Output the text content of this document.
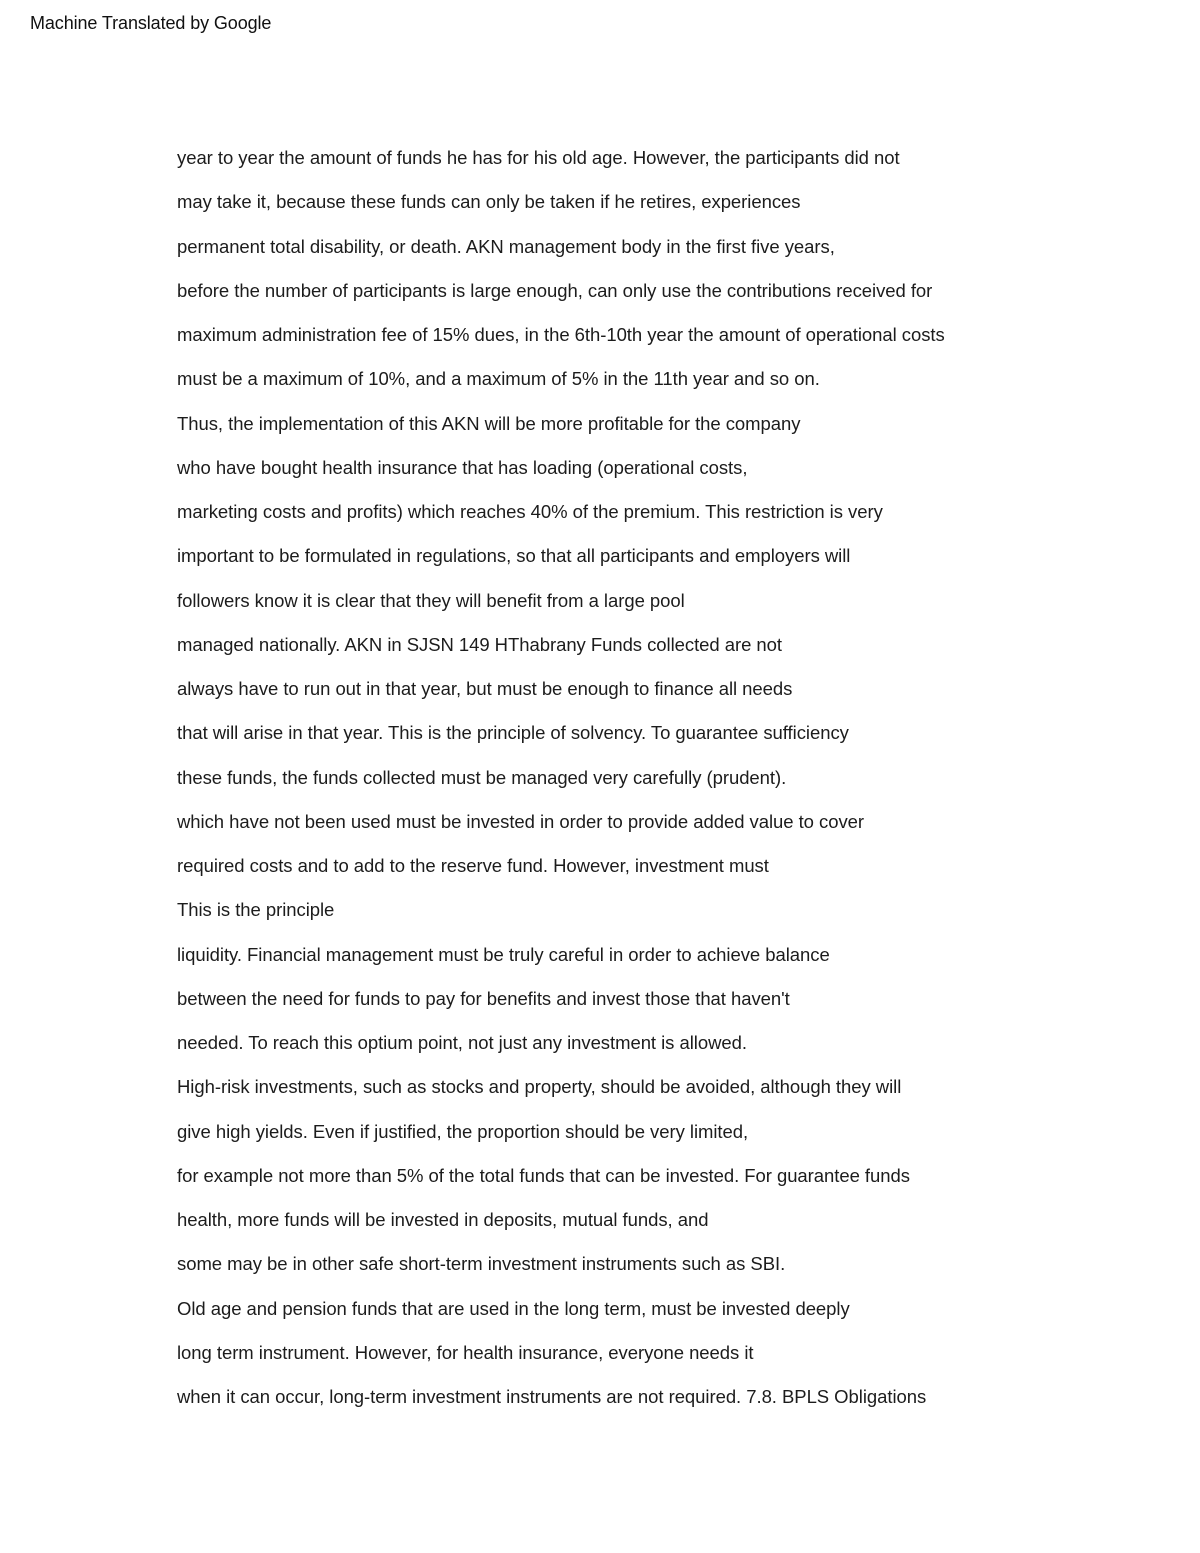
Machine Translated by Google
year to year the amount of funds he has for his old age. However, the participants did not
may take it, because these funds can only be taken if he retires, experiences
permanent total disability, or death. AKN management body in the first five years,
before the number of participants is large enough, can only use the contributions received for
maximum administration fee of 15% dues, in the 6th-10th year the amount of operational costs
must be a maximum of 10%, and a maximum of 5% in the 11th year and so on.
Thus, the implementation of this AKN will be more profitable for the company
who have bought health insurance that has loading (operational costs,
marketing costs and profits) which reaches 40% of the premium. This restriction is very
important to be formulated in regulations, so that all participants and employers will
followers know it is clear that they will benefit from a large pool
managed nationally. AKN in SJSN 149 HThabrany Funds collected are not
always have to run out in that year, but must be enough to finance all needs
that will arise in that year. This is the principle of solvency. To guarantee sufficiency
these funds, the funds collected must be managed very carefully (prudent).
which have not been used must be invested in order to provide added value to cover
required costs and to add to the reserve fund. However, investment must
This is the principle
liquidity. Financial management must be truly careful in order to achieve balance
between the need for funds to pay for benefits and invest those that haven't
needed. To reach this optium point, not just any investment is allowed.
High-risk investments, such as stocks and property, should be avoided, although they will
give high yields. Even if justified, the proportion should be very limited,
for example not more than 5% of the total funds that can be invested. For guarantee funds
health, more funds will be invested in deposits, mutual funds, and
some may be in other safe short-term investment instruments such as SBI.
Old age and pension funds that are used in the long term, must be invested deeply
long term instrument. However, for health insurance, everyone needs it
when it can occur, long-term investment instruments are not required. 7.8. BPLS Obligations
